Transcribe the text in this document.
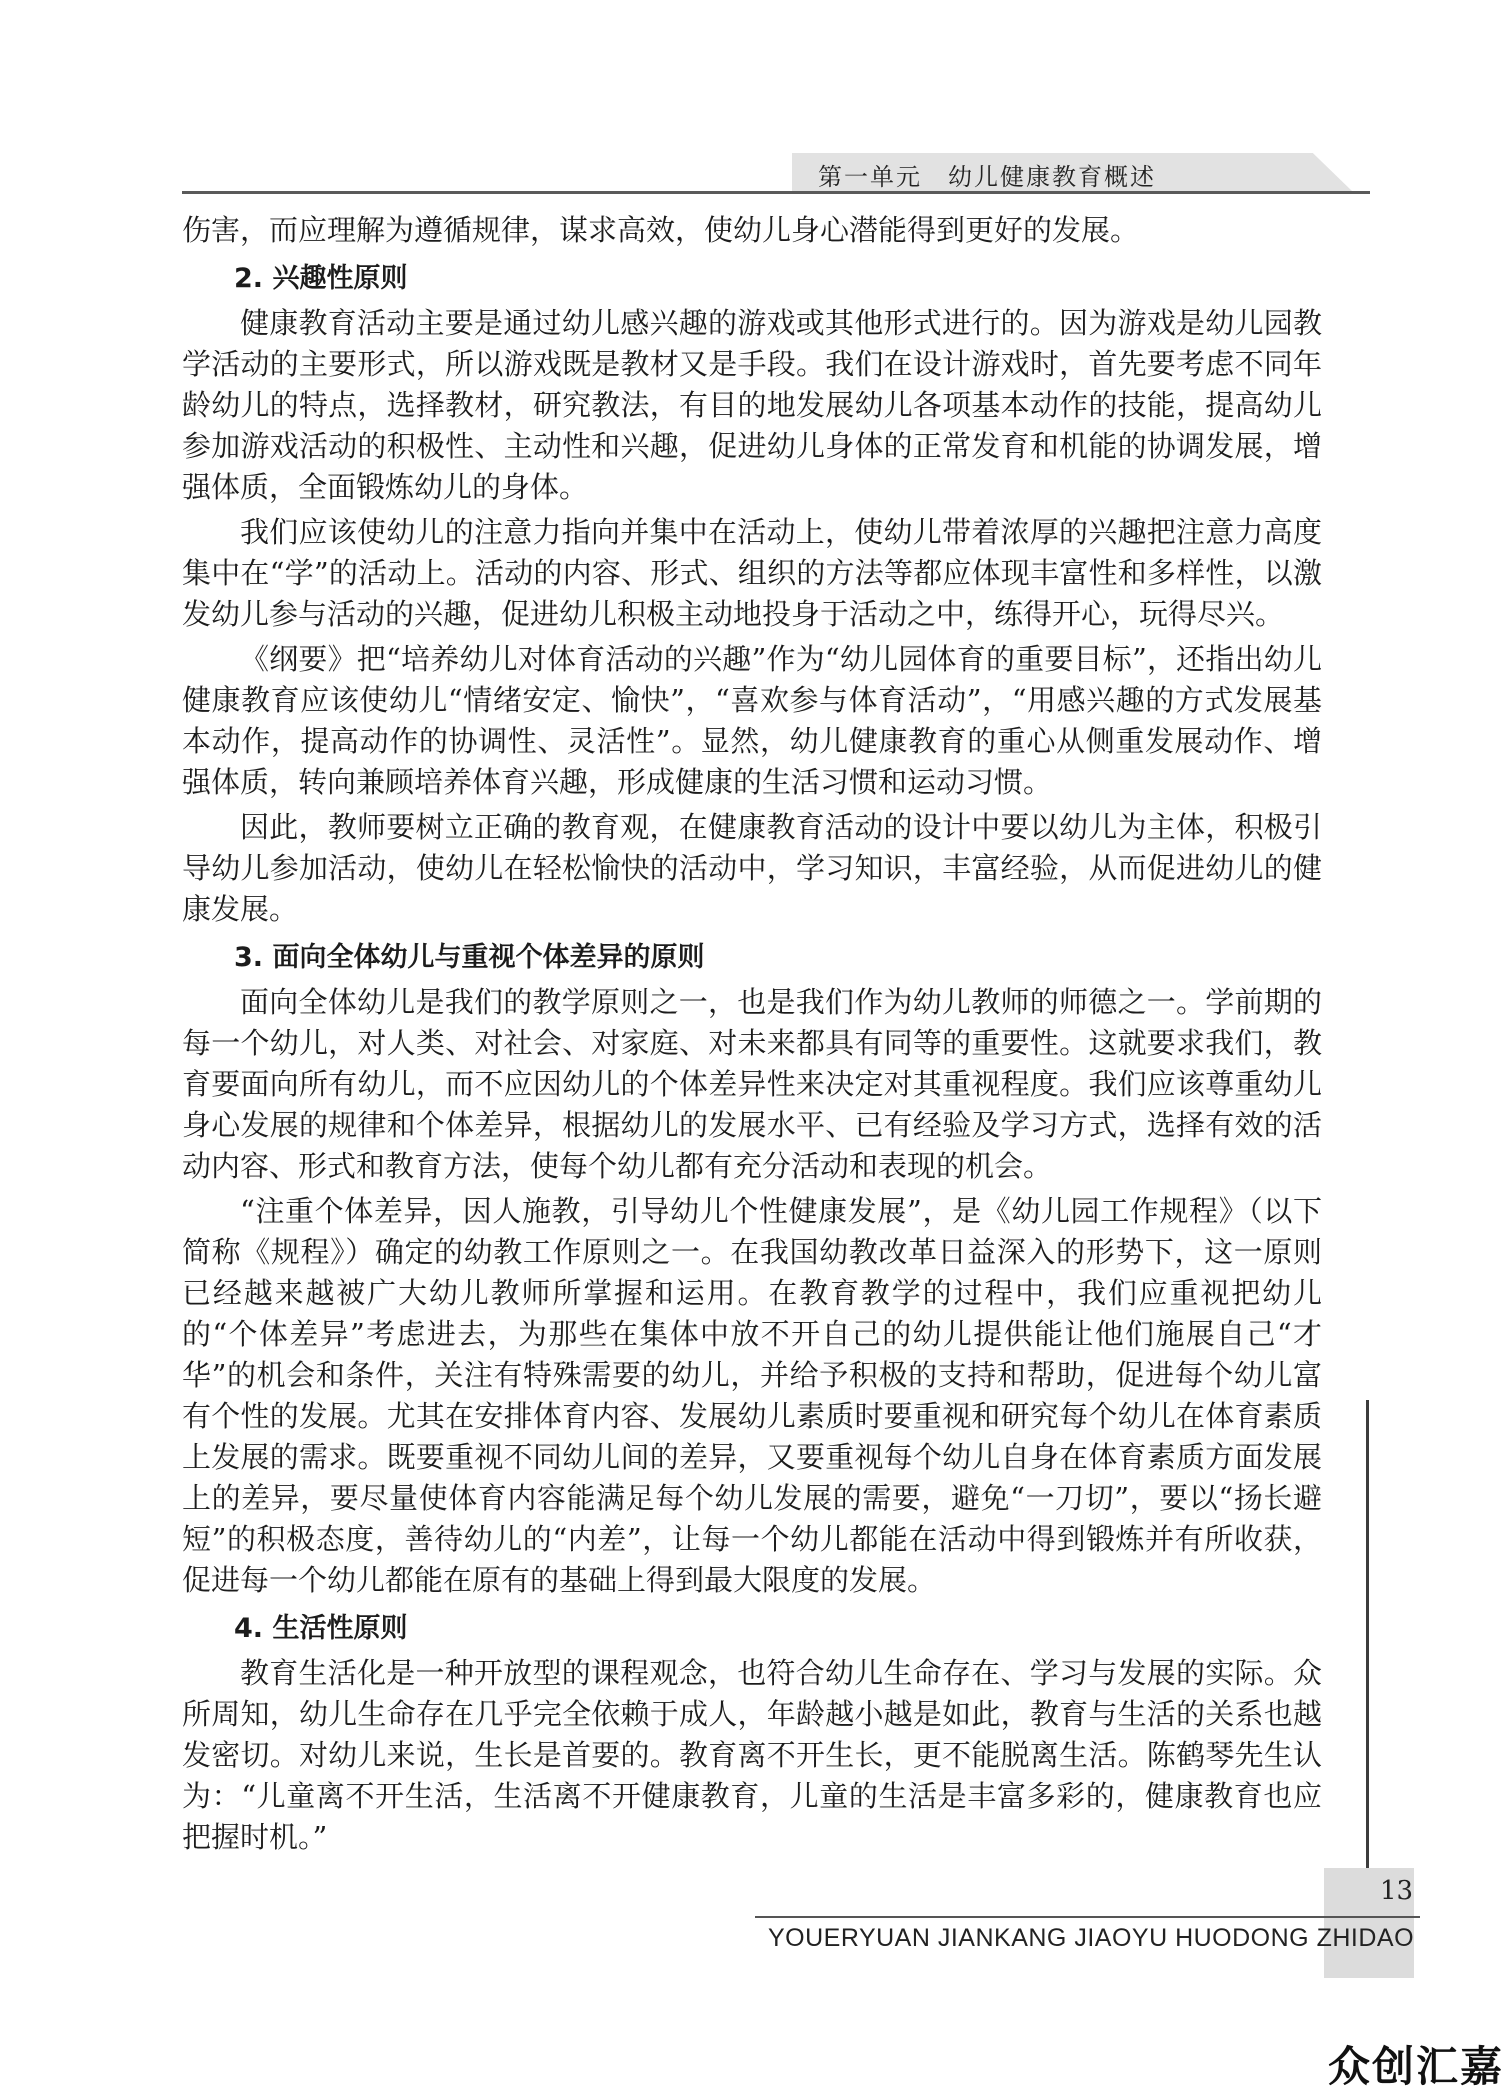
第一单元　幼儿健康教育概述

伤害，而应理解为遵循规律，谋求高效，使幼儿身心潜能得到更好的发展。

2. 兴趣性原则

健康教育活动主要是通过幼儿感兴趣的游戏或其他形式进行的。因为游戏是幼儿园教学活动的主要形式，所以游戏既是教材又是手段。我们在设计游戏时，首先要考虑不同年龄幼儿的特点，选择教材，研究教法，有目的地发展幼儿各项基本动作的技能，提高幼儿参加游戏活动的积极性、主动性和兴趣，促进幼儿身体的正常发育和机能的协调发展，增强体质，全面锻炼幼儿的身体。

我们应该使幼儿的注意力指向并集中在活动上，使幼儿带着浓厚的兴趣把注意力高度集中在“学”的活动上。活动的内容、形式、组织的方法等都应体现丰富性和多样性，以激发幼儿参与活动的兴趣，促进幼儿积极主动地投身于活动之中，练得开心，玩得尽兴。

《纲要》把“培养幼儿对体育活动的兴趣”作为“幼儿园体育的重要目标”，还指出幼儿健康教育应该使幼儿“情绪安定、愉快”，“喜欢参与体育活动”，“用感兴趣的方式发展基本动作，提高动作的协调性、灵活性”。显然，幼儿健康教育的重心从侧重发展动作、增强体质，转向兼顾培养体育兴趣，形成健康的生活习惯和运动习惯。

因此，教师要树立正确的教育观，在健康教育活动的设计中要以幼儿为主体，积极引导幼儿参加活动，使幼儿在轻松愉快的活动中，学习知识，丰富经验，从而促进幼儿的健康发展。

3. 面向全体幼儿与重视个体差异的原则

面向全体幼儿是我们的教学原则之一，也是我们作为幼儿教师的师德之一。学前期的每一个幼儿，对人类、对社会、对家庭、对未来都具有同等的重要性。这就要求我们，教育要面向所有幼儿，而不应因幼儿的个体差异性来决定对其重视程度。我们应该尊重幼儿身心发展的规律和个体差异，根据幼儿的发展水平、已有经验及学习方式，选择有效的活动内容、形式和教育方法，使每个幼儿都有充分活动和表现的机会。

“注重个体差异，因人施教，引导幼儿个性健康发展”，是《幼儿园工作规程》（以下简称《规程》）确定的幼教工作原则之一。在我国幼教改革日益深入的形势下，这一原则已经越来越被广大幼儿教师所掌握和运用。在教育教学的过程中，我们应重视把幼儿的“个体差异”考虑进去，为那些在集体中放不开自己的幼儿提供能让他们施展自己“才华”的机会和条件，关注有特殊需要的幼儿，并给予积极的支持和帮助，促进每个幼儿富有个性的发展。尤其在安排体育内容、发展幼儿素质时要重视和研究每个幼儿在体育素质上发展的需求。既要重视不同幼儿间的差异，又要重视每个幼儿自身在体育素质方面发展上的差异，要尽量使体育内容能满足每个幼儿发展的需要，避免“一刀切”，要以“扬长避短”的积极态度，善待幼儿的“内差”，让每一个幼儿都能在活动中得到锻炼并有所收获，促进每一个幼儿都能在原有的基础上得到最大限度的发展。

4. 生活性原则

教育生活化是一种开放型的课程观念，也符合幼儿生命存在、学习与发展的实际。众所周知，幼儿生命存在几乎完全依赖于成人，年龄越小越是如此，教育与生活的关系也越发密切。对幼儿来说，生长是首要的。教育离不开生长，更不能脱离生活。陈鹤琴先生认为：“儿童离不开生活，生活离不开健康教育，儿童的生活是丰富多彩的，健康教育也应把握时机。”

13
YOUERYUAN JIANKANG JIAOYU HUODONG ZHIDAO
众创汇嘉
